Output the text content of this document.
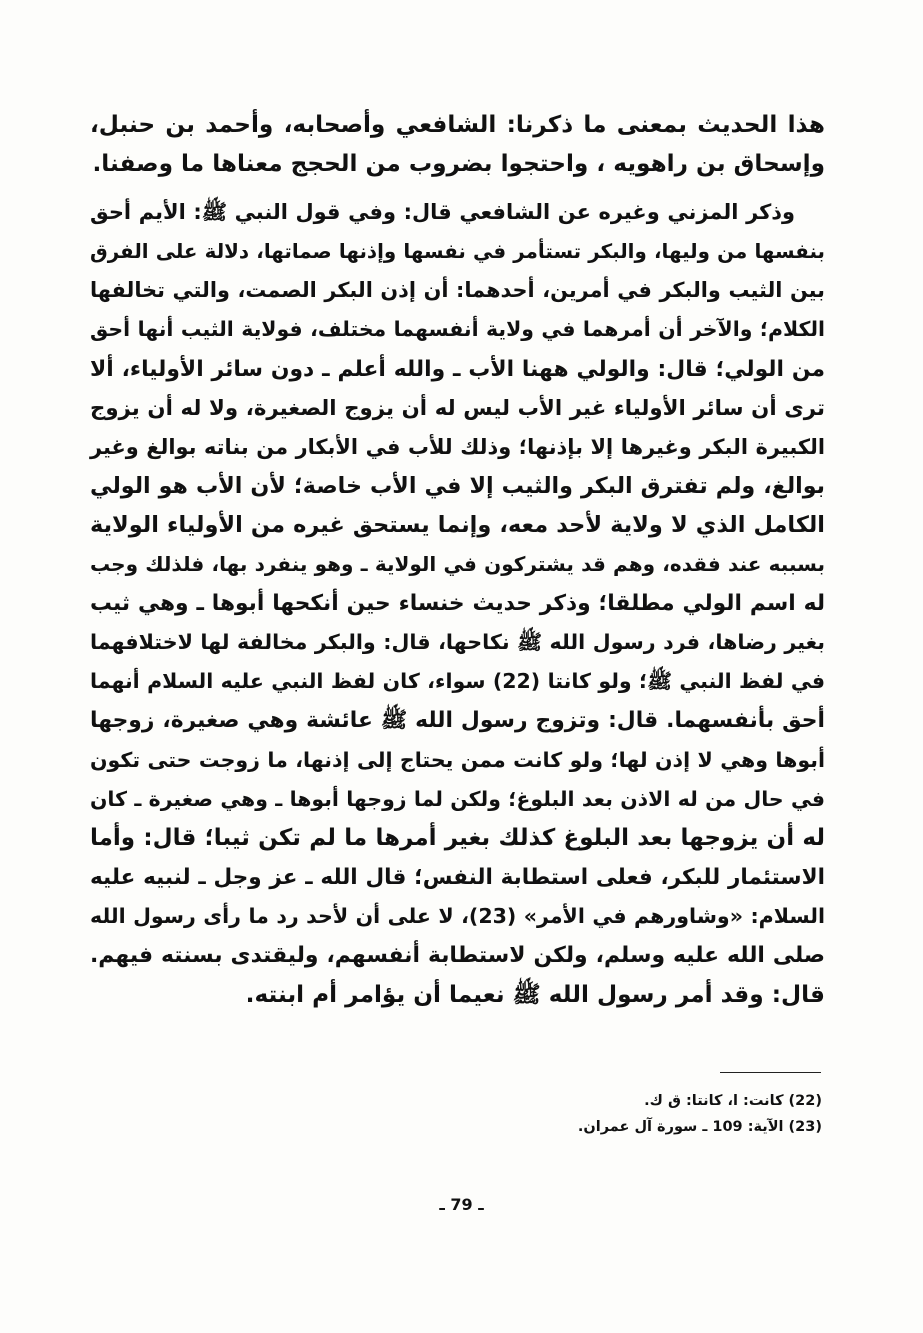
هذا الحديث بمعنى ما ذكرنا: الشافعي وأصحابه، وأحمد بن حنبل،
وإسحاق بن راهويه ، واحتجوا بضروب من الحجج معناها ما وصفنا.

وذكر المزني وغيره عن الشافعي قال: وفي قول النبي ﷺ: الأيم أحق
بنفسها من وليها، والبكر تستأمر في نفسها وإذنها صماتها، دلالة على الفرق
بين الثيب والبكر في أمرين، أحدهما: أن إذن البكر الصمت، والتي تخالفها
الكلام؛ والآخر أن أمرهما في ولاية أنفسهما مختلف، فولاية الثيب أنها أحق
من الولي؛ قال: والولي ههنا الأب ـ والله أعلم ـ دون سائر الأولياء، ألا
ترى أن سائر الأولياء غير الأب ليس له أن يزوج الصغيرة، ولا له أن يزوج
الكبيرة البكر وغيرها إلا بإذنها؛ وذلك للأب في الأبكار من بناته بوالغ وغير
بوالغ، ولم تفترق البكر والثيب إلا في الأب خاصة؛ لأن الأب هو الولي
الكامل الذي لا ولاية لأحد معه، وإنما يستحق غيره من الأولياء الولاية
بسببه عند فقده، وهم قد يشتركون في الولاية ـ وهو ينفرد بها، فلذلك وجب
له اسم الولي مطلقا؛ وذكر حديث خنساء حين أنكحها أبوها ـ وهي ثيب
بغير رضاها، فرد رسول الله ﷺ نكاحها، قال: والبكر مخالفة لها لاختلافهما
في لفظ النبي ﷺ؛ ولو كانتا (22) سواء، كان لفظ النبي عليه السلام أنهما
أحق بأنفسهما. قال: وتزوج رسول الله ﷺ عائشة وهي صغيرة، زوجها
أبوها وهي لا إذن لها؛ ولو كانت ممن يحتاج إلى إذنها، ما زوجت حتى تكون
في حال من له الاذن بعد البلوغ؛ ولكن لما زوجها أبوها ـ وهي صغيرة ـ كان
له أن يزوجها بعد البلوغ كذلك بغير أمرها ما لم تكن ثيبا؛ قال: وأما
الاستئمار للبكر، فعلى استطابة النفس؛ قال الله ـ عز وجل ـ لنبيه عليه
السلام: «وشاورهم في الأمر» (23)، لا على أن لأحد رد ما رأى رسول الله
صلى الله عليه وسلم، ولكن لاستطابة أنفسهم، وليقتدى بسنته فيهم.
قال: وقد أمر رسول الله ﷺ نعيما أن يؤامر أم ابنته.

(22) كانت: ا، كانتا: ق ك.
(23) الآية: 109 ـ سورة آل عمران.
ـ 79 ـ
